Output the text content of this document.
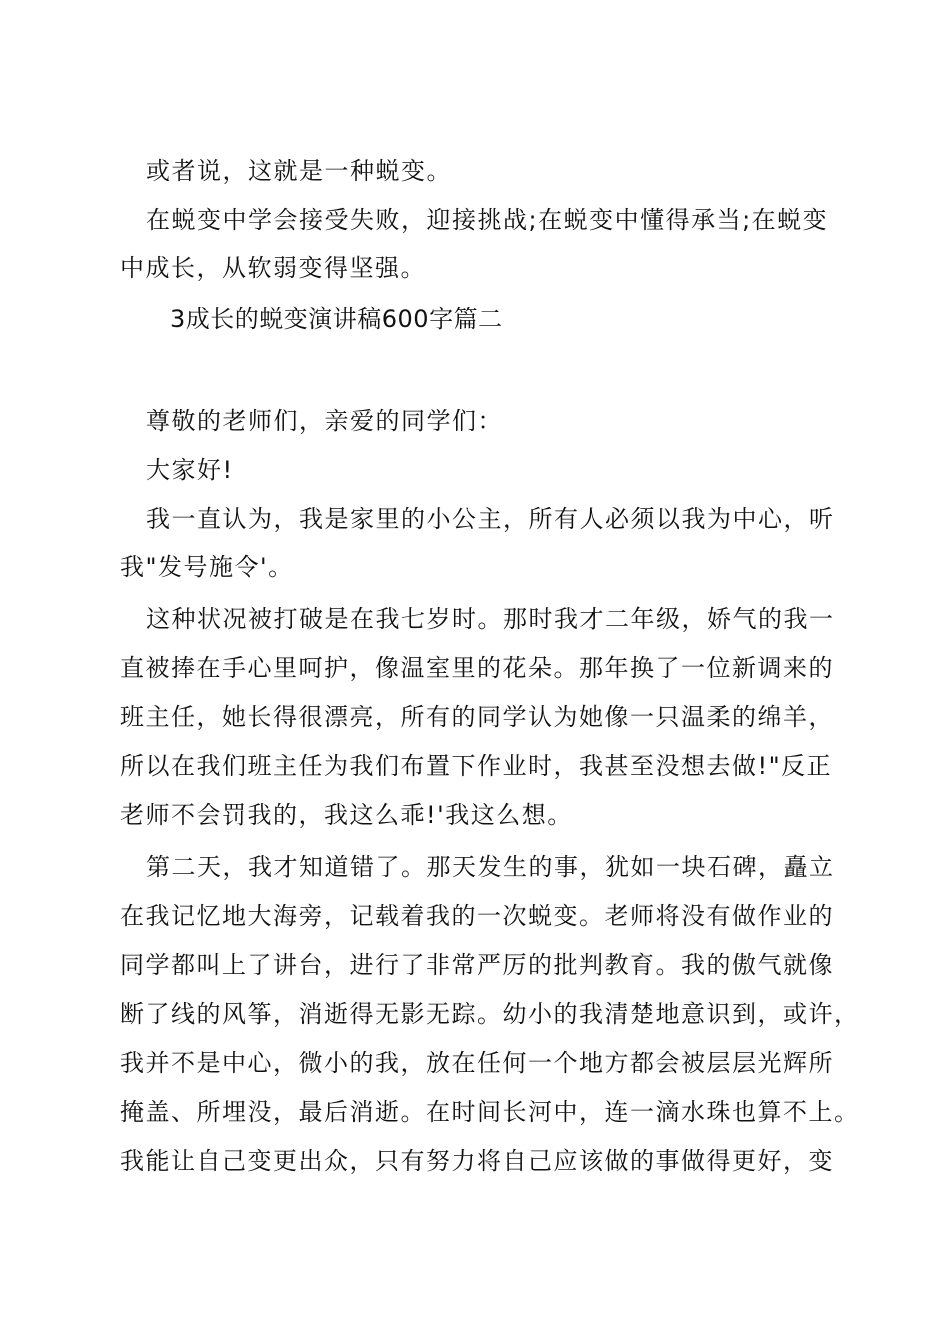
或者说，这就是一种蜕变。
在蜕变中学会接受失败，迎接挑战;在蜕变中懂得承当;在蜕变
中成长，从软弱变得坚强。
3成长的蜕变演讲稿600字篇二
尊敬的老师们，亲爱的同学们：
大家好!
我一直认为，我是家里的小公主，所有人必须以我为中心，听
我"发号施令'。
这种状况被打破是在我七岁时。那时我才二年级，娇气的我一
直被捧在手心里呵护，像温室里的花朵。那年换了一位新调来的
班主任，她长得很漂亮，所有的同学认为她像一只温柔的绵羊，
所以在我们班主任为我们布置下作业时，我甚至没想去做!"反正
老师不会罚我的，我这么乖!'我这么想。
第二天，我才知道错了。那天发生的事，犹如一块石碑，矗立
在我记忆地大海旁，记载着我的一次蜕变。老师将没有做作业的
同学都叫上了讲台，进行了非常严厉的批判教育。我的傲气就像
断了线的风筝，消逝得无影无踪。幼小的我清楚地意识到，或许，
我并不是中心，微小的我，放在任何一个地方都会被层层光辉所
掩盖、所埋没，最后消逝。在时间长河中，连一滴水珠也算不上。
我能让自己变更出众，只有努力将自己应该做的事做得更好，变
